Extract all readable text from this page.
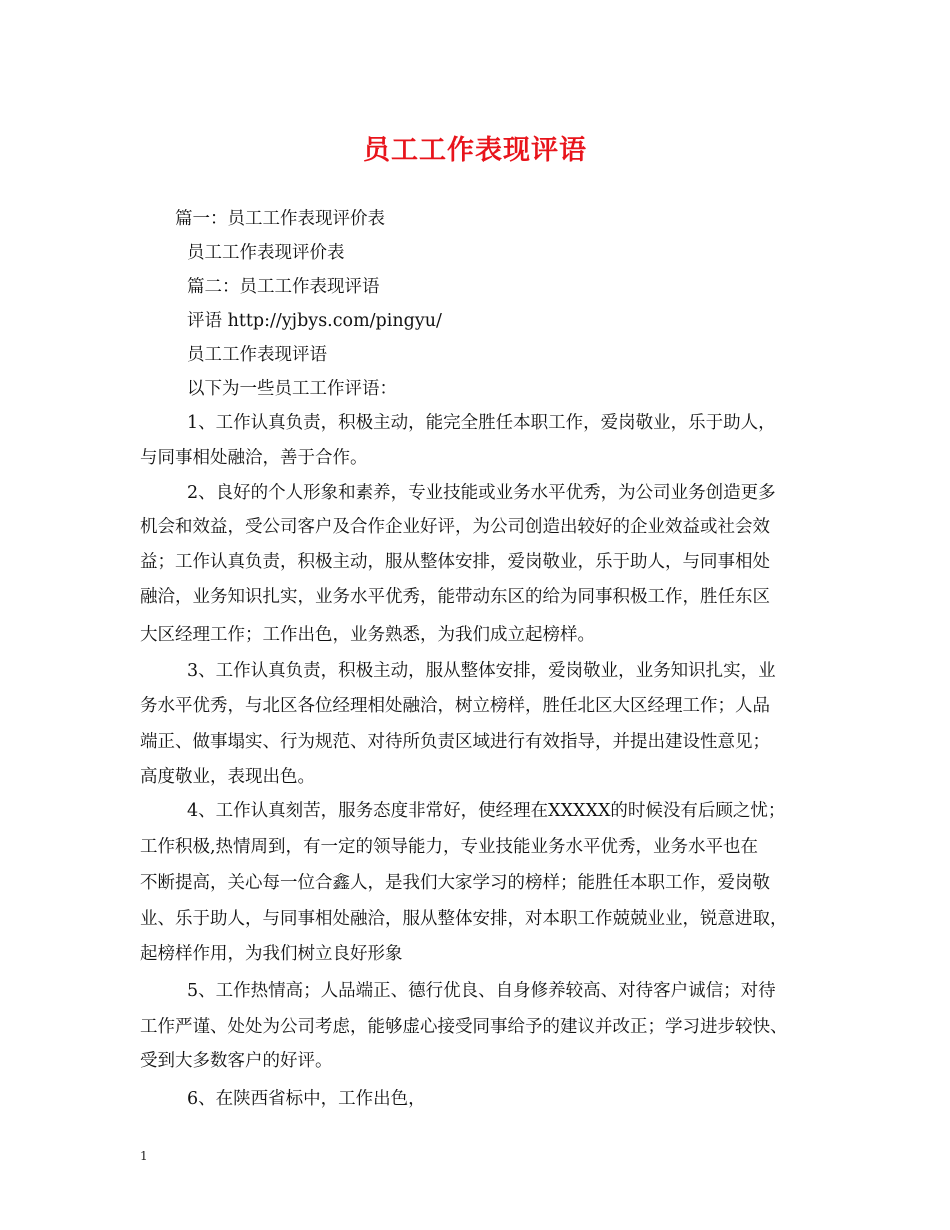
员工工作表现评语
篇一：员工工作表现评价表
员工工作表现评价表
篇二：员工工作表现评语
评语 http://yjbys.com/pingyu/
员工工作表现评语
以下为一些员工工作评语：
1、工作认真负责，积极主动，能完全胜任本职工作，爱岗敬业，乐于助人，
与同事相处融洽，善于合作。
2、良好的个人形象和素养，专业技能或业务水平优秀，为公司业务创造更多
机会和效益，受公司客户及合作企业好评，为公司创造出较好的企业效益或社会效
益；工作认真负责，积极主动，服从整体安排，爱岗敬业，乐于助人，与同事相处
融洽，业务知识扎实，业务水平优秀，能带动东区的给为同事积极工作，胜任东区
大区经理工作；工作出色，业务熟悉，为我们成立起榜样。
3、工作认真负责，积极主动，服从整体安排，爱岗敬业，业务知识扎实，业
务水平优秀，与北区各位经理相处融洽，树立榜样，胜任北区大区经理工作；人品
端正、做事塌实、行为规范、对待所负责区域进行有效指导，并提出建设性意见；
高度敬业，表现出色。
4、工作认真刻苦，服务态度非常好，使经理在XXXXX的时候没有后顾之忧；
工作积极,热情周到，有一定的领导能力，专业技能业务水平优秀，业务水平也在
不断提高，关心每一位合鑫人，是我们大家学习的榜样；能胜任本职工作，爱岗敬
业、乐于助人，与同事相处融洽，服从整体安排，对本职工作兢兢业业，锐意进取，
起榜样作用，为我们树立良好形象
5、工作热情高；人品端正、德行优良、自身修养较高、对待客户诚信；对待
工作严谨、处处为公司考虑，能够虚心接受同事给予的建议并改正；学习进步较快、
受到大多数客户的好评。
6、在陕西省标中，工作出色，
1
